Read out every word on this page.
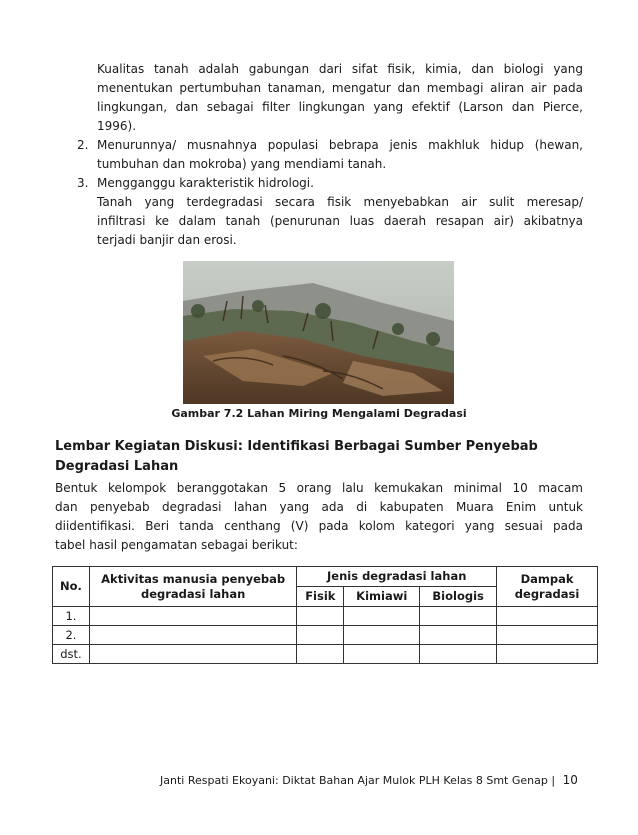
Kualitas tanah adalah gabungan dari sifat fisik, kimia, dan biologi yang
menentukan pertumbuhan tanaman, mengatur dan membagi aliran air pada
lingkungan, dan sebagai filter lingkungan yang efektif (Larson dan Pierce,
1996).
2. Menurunnya/ musnahnya populasi bebrapa jenis makhluk hidup (hewan,
tumbuhan dan mokroba) yang mendiami tanah.
3. Mengganggu karakteristik hidrologi.
Tanah yang terdegradasi secara fisik menyebabkan air sulit meresap/
infiltrasi ke dalam tanah (penurunan luas daerah resapan air) akibatnya
terjadi banjir dan erosi.
Gambar 7.2 Lahan Miring Mengalami Degradasi
Lembar Kegiatan Diskusi: Identifikasi Berbagai Sumber Penyebab Degradasi Lahan
Bentuk kelompok beranggotakan 5 orang lalu kemukakan minimal 10 macam
dan penyebab degradasi lahan yang ada di kabupaten Muara Enim untuk
diidentifikasi. Beri tanda centhang (V) pada kolom kategori yang sesuai pada
tabel hasil pengamatan sebagai berikut:
No.	Aktivitas manusia penyebab degradasi lahan	Jenis degradasi lahan			Dampak degradasi
		Fisik	Kimiawi	Biologis	
1.					
2.					
dst.					
Janti Respati Ekoyani: Diktat Bahan Ajar Mulok PLH Kelas 8 Smt Genap | 10
